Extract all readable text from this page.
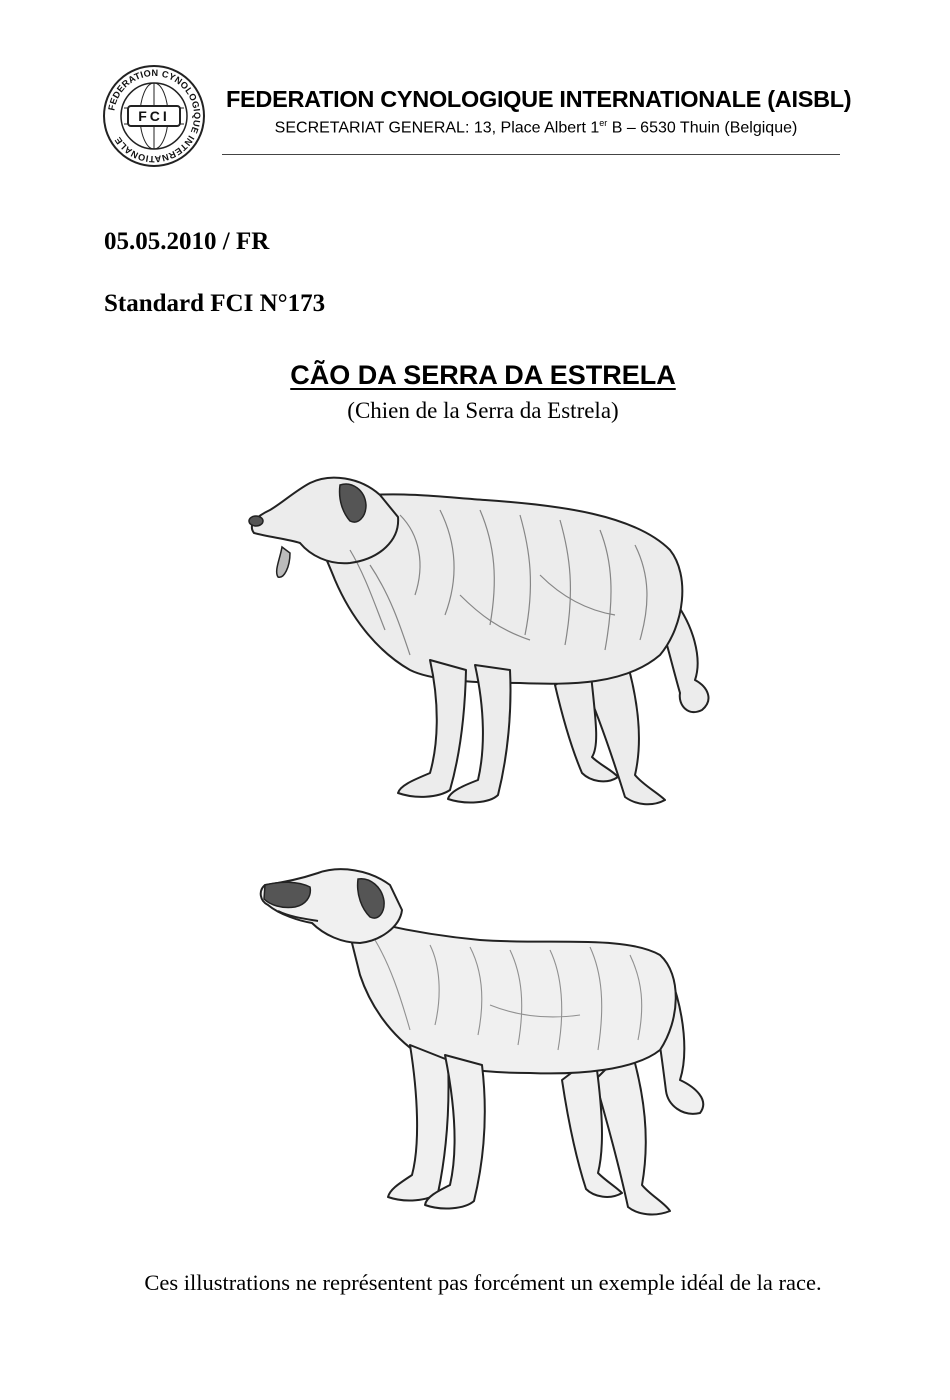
FEDERATION CYNOLOGIQUE INTERNATIONALE
FCI
FEDERATION CYNOLOGIQUE INTERNATIONALE (AISBL)
SECRETARIAT GENERAL: 13, Place Albert 1er B – 6530 Thuin (Belgique)
05.05.2010 / FR
Standard FCI N°173
CÃO DA SERRA DA ESTRELA
(Chien de la Serra da Estrela)
Ces illustrations ne représentent pas forcément un exemple idéal de la race.
